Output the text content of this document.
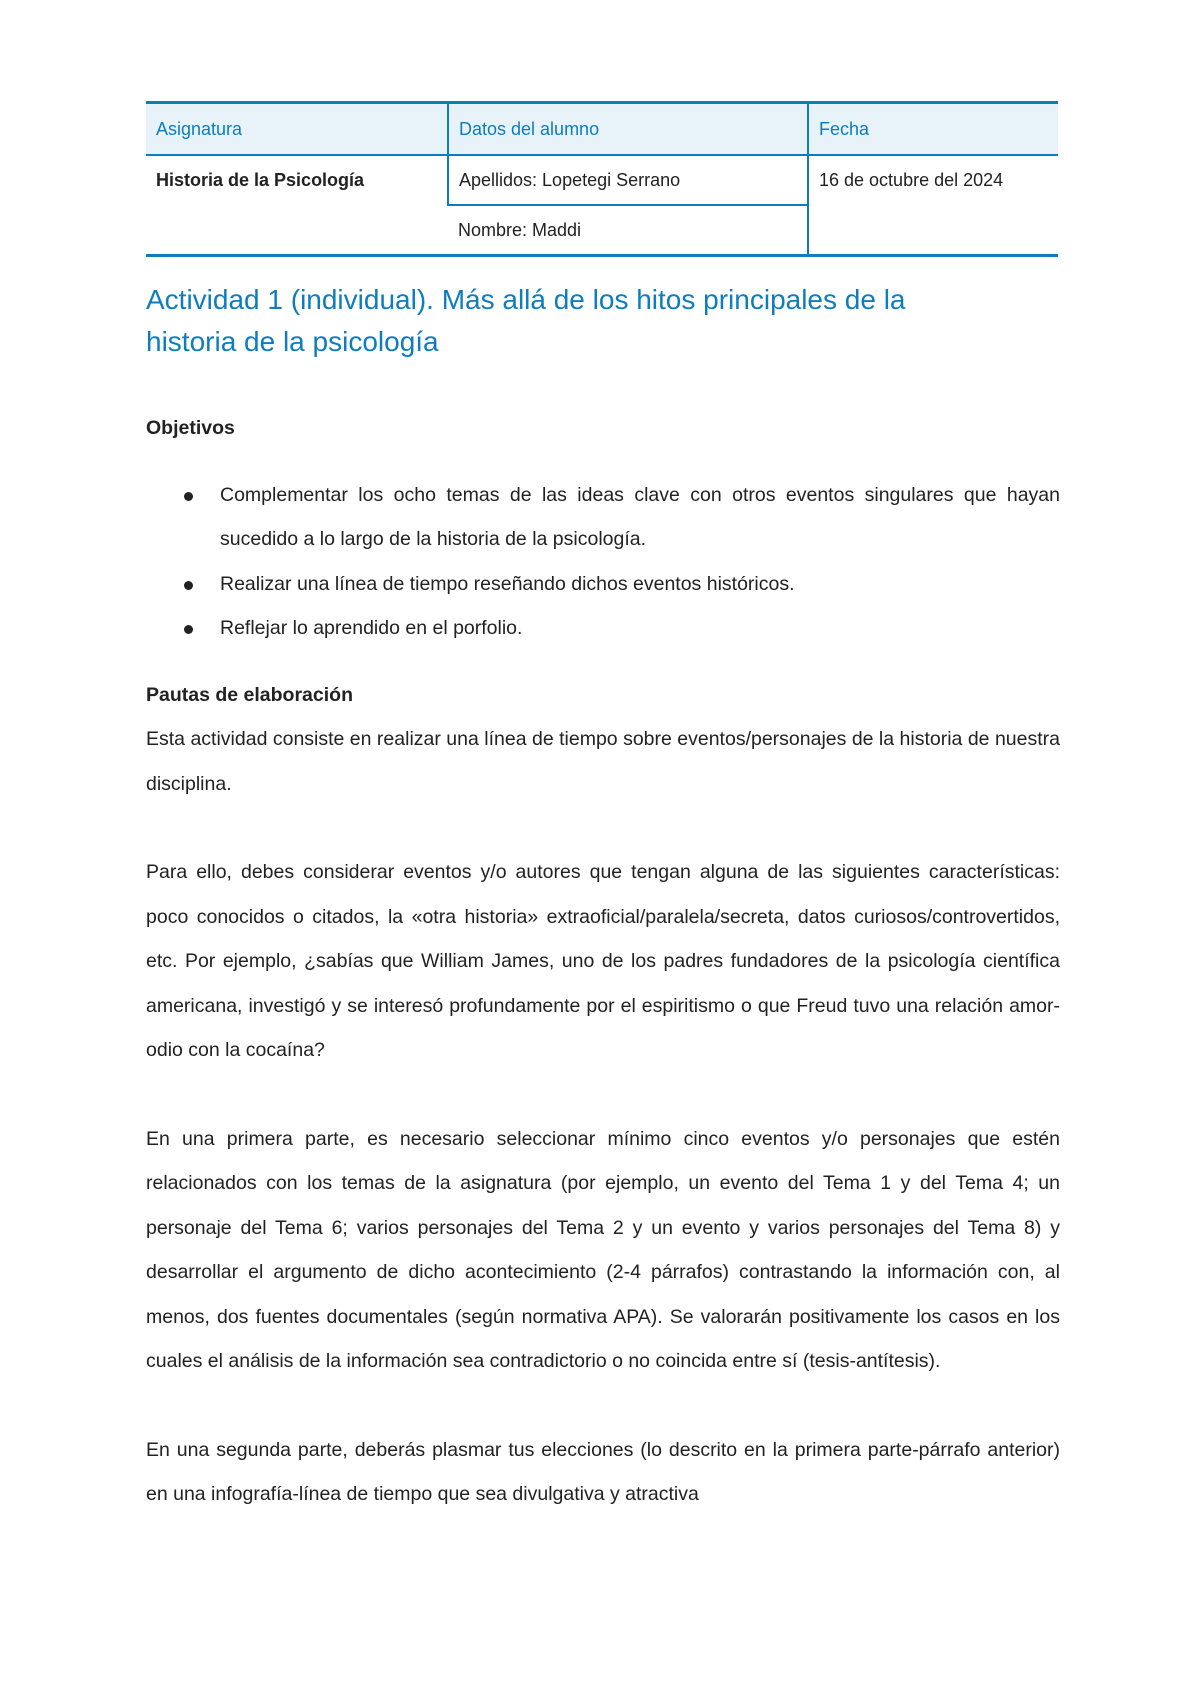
Asignatura	Datos del alumno	Fecha
Historia de la Psicología	Apellidos: Lopetegi Serrano	16 de octubre del 2024
	Nombre: Maddi	
Actividad 1 (individual). Más allá de los hitos principales de la
historia de la psicología

Objetivos

Complementar los ocho temas de las ideas clave con otros eventos singulares que hayan sucedido a lo largo de la historia de la psicología.
Realizar una línea de tiempo reseñando dichos eventos históricos.
Reflejar lo aprendido en el porfolio.

Pautas de elaboración

Esta actividad consiste en realizar una línea de tiempo sobre eventos/personajes de la historia de nuestra disciplina.

Para ello, debes considerar eventos y/o autores que tengan alguna de las siguientes características: poco conocidos o citados, la «otra historia» extraoficial/paralela/secreta, datos curiosos/controvertidos, etc. Por ejemplo, ¿sabías que William James, uno de los padres fundadores de la psicología científica americana, investigó y se interesó profundamente por el espiritismo o que Freud tuvo una relación amor-odio con la cocaína?

En una primera parte, es necesario seleccionar mínimo cinco eventos y/o personajes que estén relacionados con los temas de la asignatura (por ejemplo, un evento del Tema 1 y del Tema 4; un personaje del Tema 6; varios personajes del Tema 2 y un evento y varios personajes del Tema 8) y desarrollar el argumento de dicho acontecimiento (2-4 párrafos) contrastando la información con, al menos, dos fuentes documentales (según normativa APA). Se valorarán positivamente los casos en los cuales el análisis de la información sea contradictorio o no coincida entre sí (tesis-antítesis).

En una segunda parte, deberás plasmar tus elecciones (lo descrito en la primera parte-párrafo anterior) en una infografía-línea de tiempo que sea divulgativa y atractiva
